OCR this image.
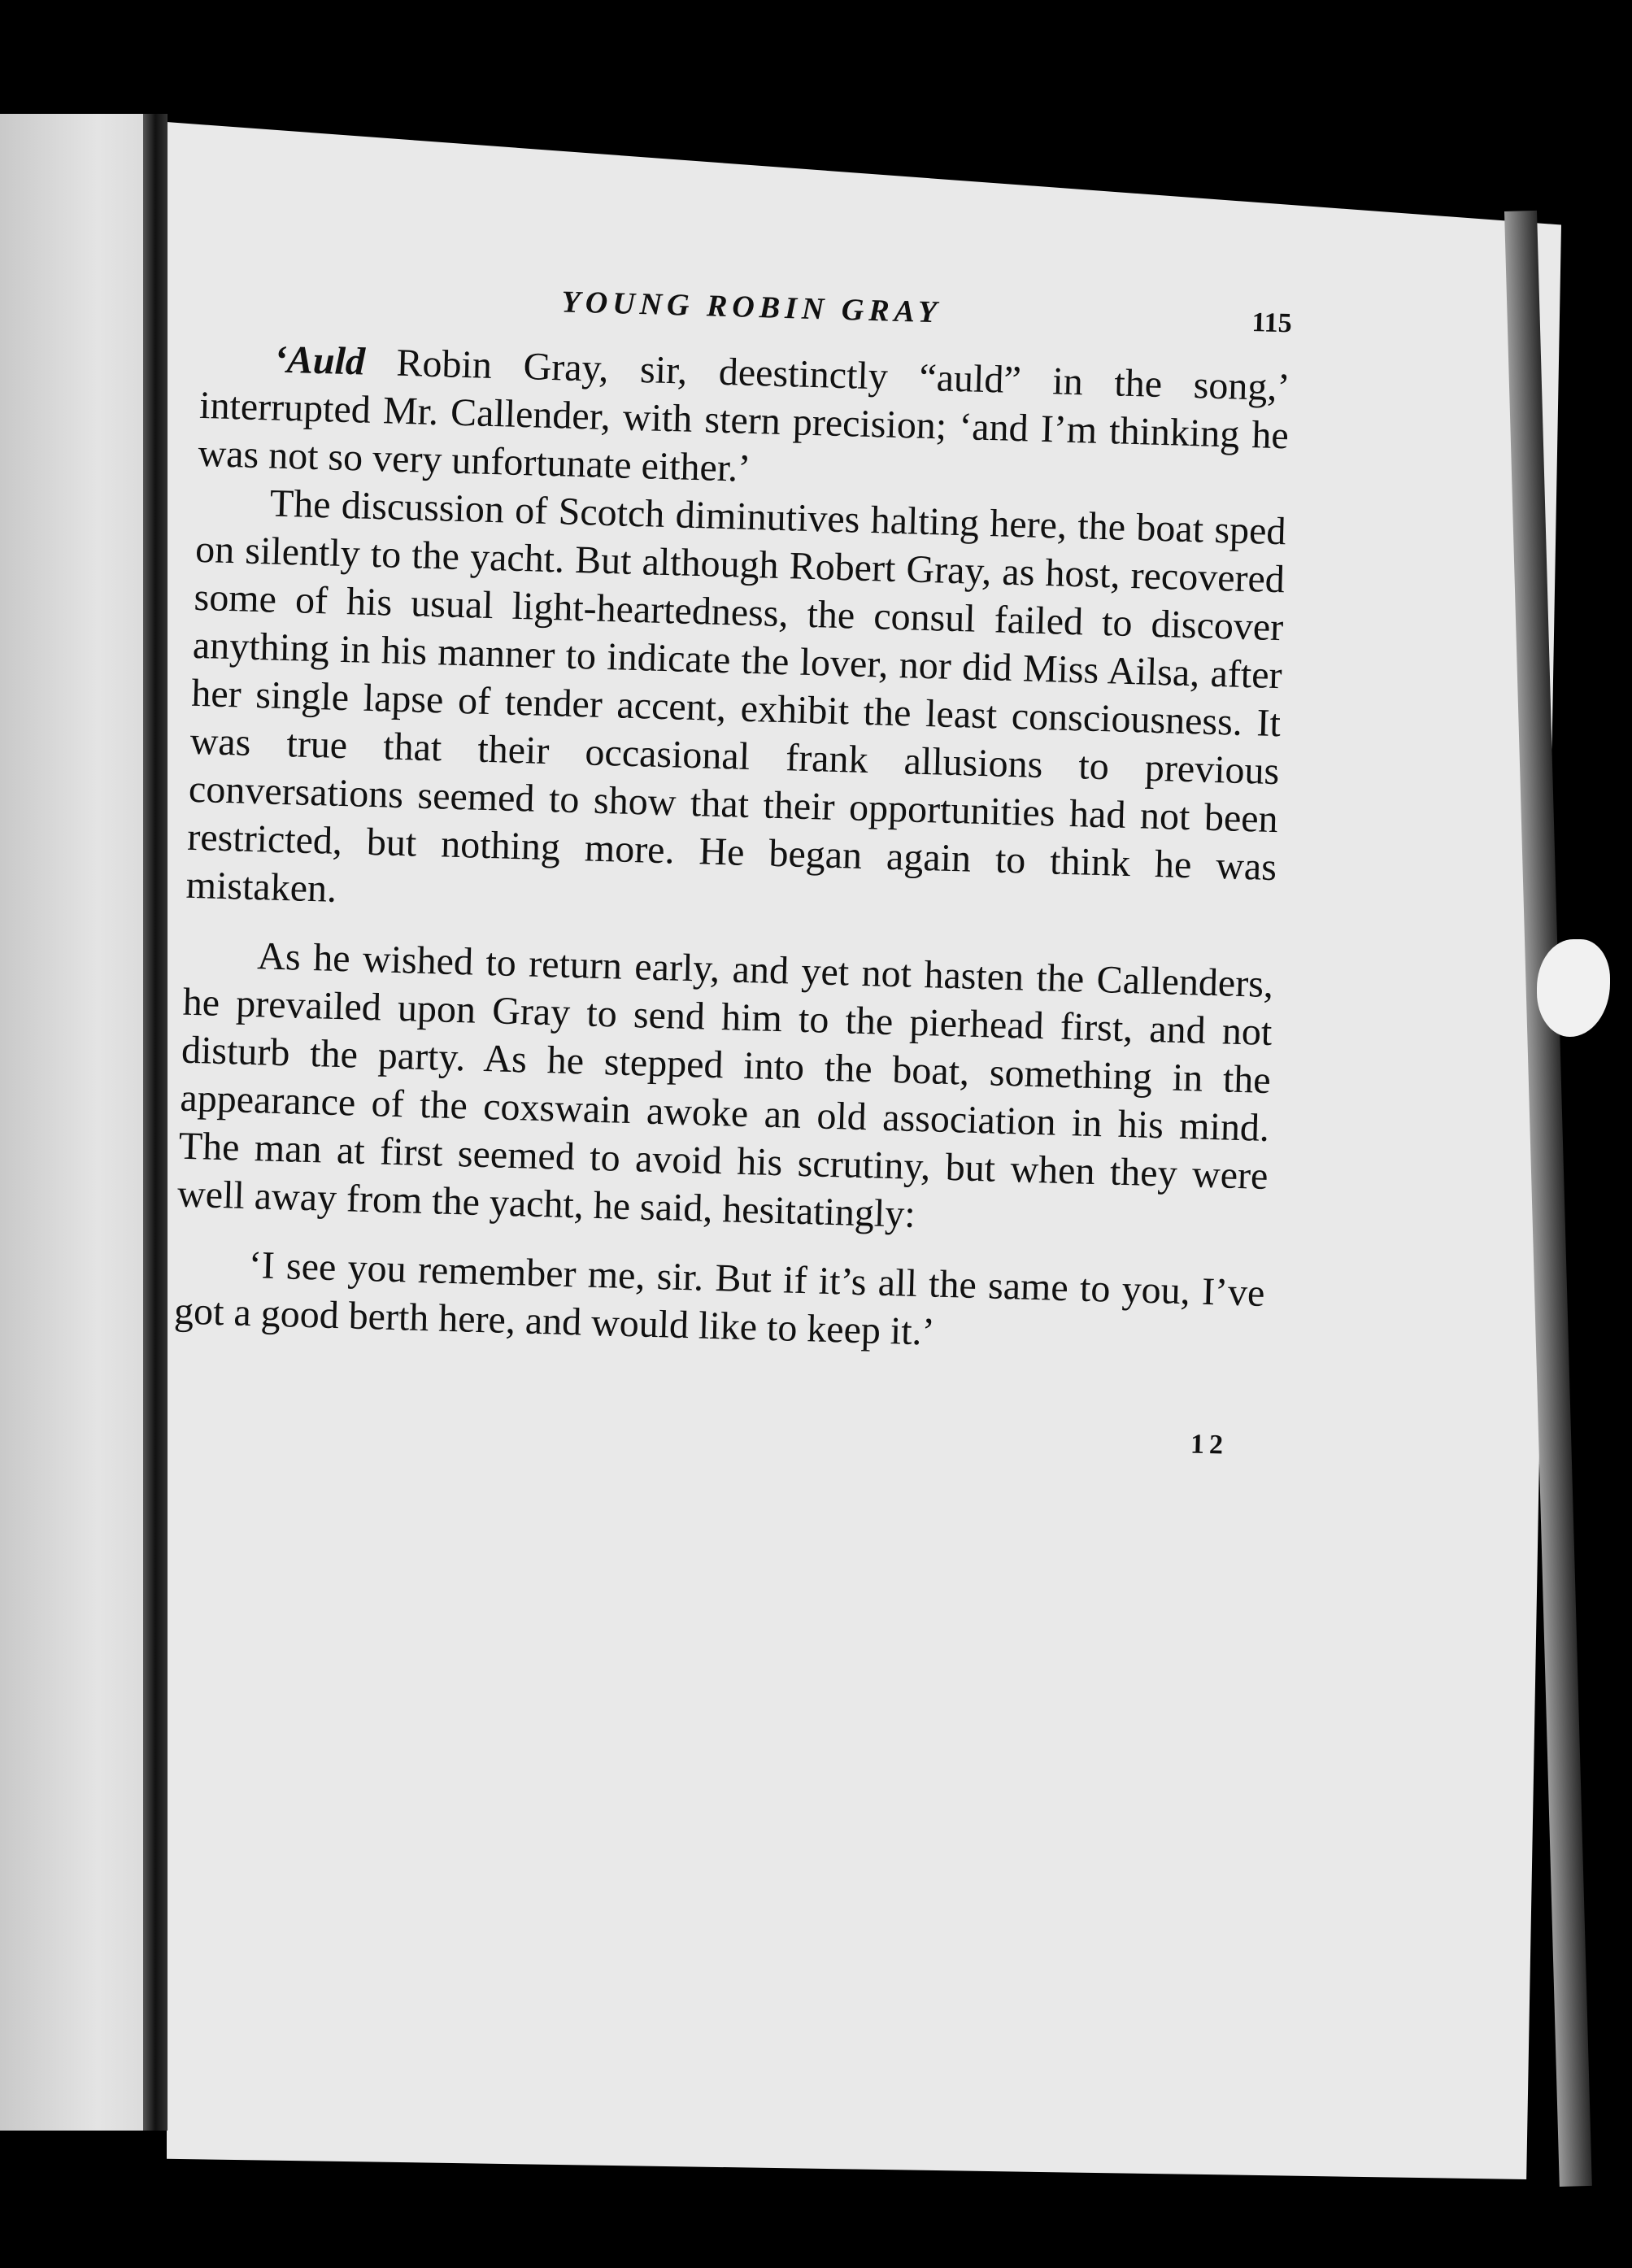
YOUNG ROBIN GRAY	115

‘Auld Robin Gray, sir, deestinctly “auld” in the song,’ interrupted Mr. Callender, with stern precision; ‘and I’m thinking he was not so very unfortunate either.’

The discussion of Scotch diminutives halting here, the boat sped on silently to the yacht. But although Robert Gray, as host, recovered some of his usual light-heartedness, the consul failed to discover anything in his manner to indicate the lover, nor did Miss Ailsa, after her single lapse of tender accent, exhibit the least consciousness. It was true that their occasional frank allusions to previous conversations seemed to show that their opportunities had not been restricted, but nothing more. He began again to think he was mistaken.

As he wished to return early, and yet not hasten the Callenders, he prevailed upon Gray to send him to the pierhead first, and not disturb the party. As he stepped into the boat, something in the appearance of the coxswain awoke an old association in his mind. The man at first seemed to avoid his scrutiny, but when they were well away from the yacht, he said, hesitatingly:

‘I see you remember me, sir. But if it’s all the same to you, I’ve got a good berth here, and would like to keep it.’

12
